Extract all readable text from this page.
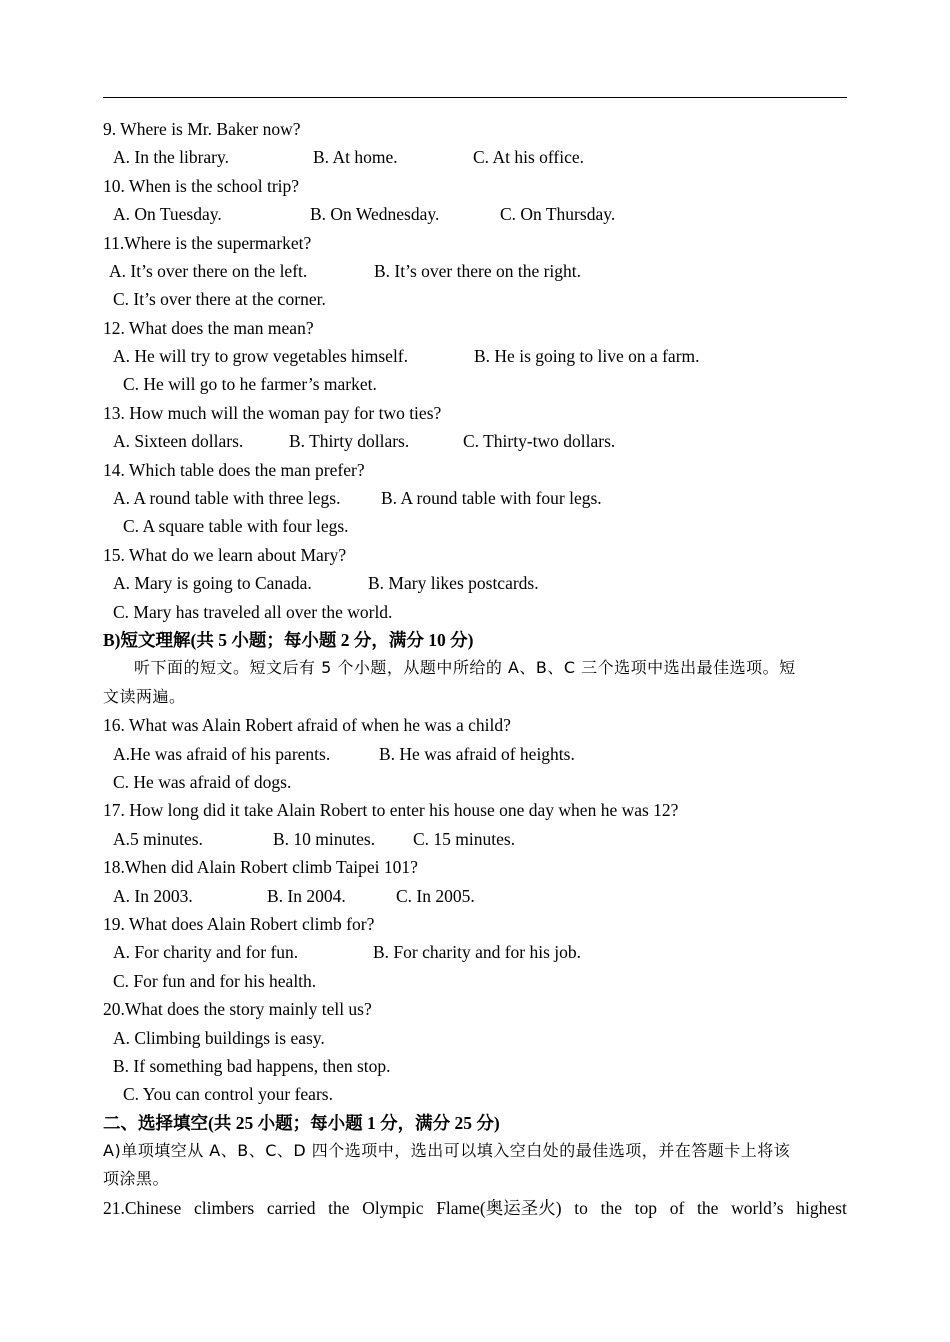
9. Where is Mr. Baker now?
A. In the library.	B. At home.	C. At his office.
10. When is the school trip?
A. On Tuesday.	B. On Wednesday.	C. On Thursday.
11.Where is the supermarket?
A. It’s over there on the left.	B. It’s over there on the right.
C. It’s over there at the corner.
12. What does the man mean?
A. He will try to grow vegetables himself.	B. He is going to live on a farm.
C. He will go to he farmer’s market.
13. How much will the woman pay for two ties?
A. Sixteen dollars.	B. Thirty dollars.	C. Thirty-two dollars.
14. Which table does the man prefer?
A. A round table with three legs. B. A round table with four legs.
C. A square table with four legs.
15. What do we learn about Mary?
A. Mary is going to Canada.	B. Mary likes postcards.
C. Mary has traveled all over the world.
B)短文理解(共 5 小题；每小题 2 分，满分 10 分)
听下面的短文。短文后有 5 个小题，从题中所给的 A、B、C 三个选项中选出最佳选项。短
文读两遍。
16. What was Alain Robert afraid of when he was a child?
A.He was afraid of his parents.	B. He was afraid of heights.
C. He was afraid of dogs.
17. How long did it take Alain Robert to enter his house one day when he was 12?
A.5 minutes.	B. 10 minutes. C. 15 minutes.
18.When did Alain Robert climb Taipei 101?
A. In 2003.	B. In 2004.	C. In 2005.
19. What does Alain Robert climb for?
A. For charity and for fun.	B. For charity and for his job.
C. For fun and for his health.
20.What does the story mainly tell us?
A. Climbing buildings is easy.
B. If something bad happens, then stop.
C. You can control your fears.
二、选择填空(共 25 小题；每小题 1 分，满分 25 分)
A)单项填空从 A、B、C、D 四个选项中，选出可以填入空白处的最佳选项，并在答题卡上将该
项涂黑。
21.Chinese climbers carried the Olympic Flame(奥运圣火) to the top of the world’s highest
